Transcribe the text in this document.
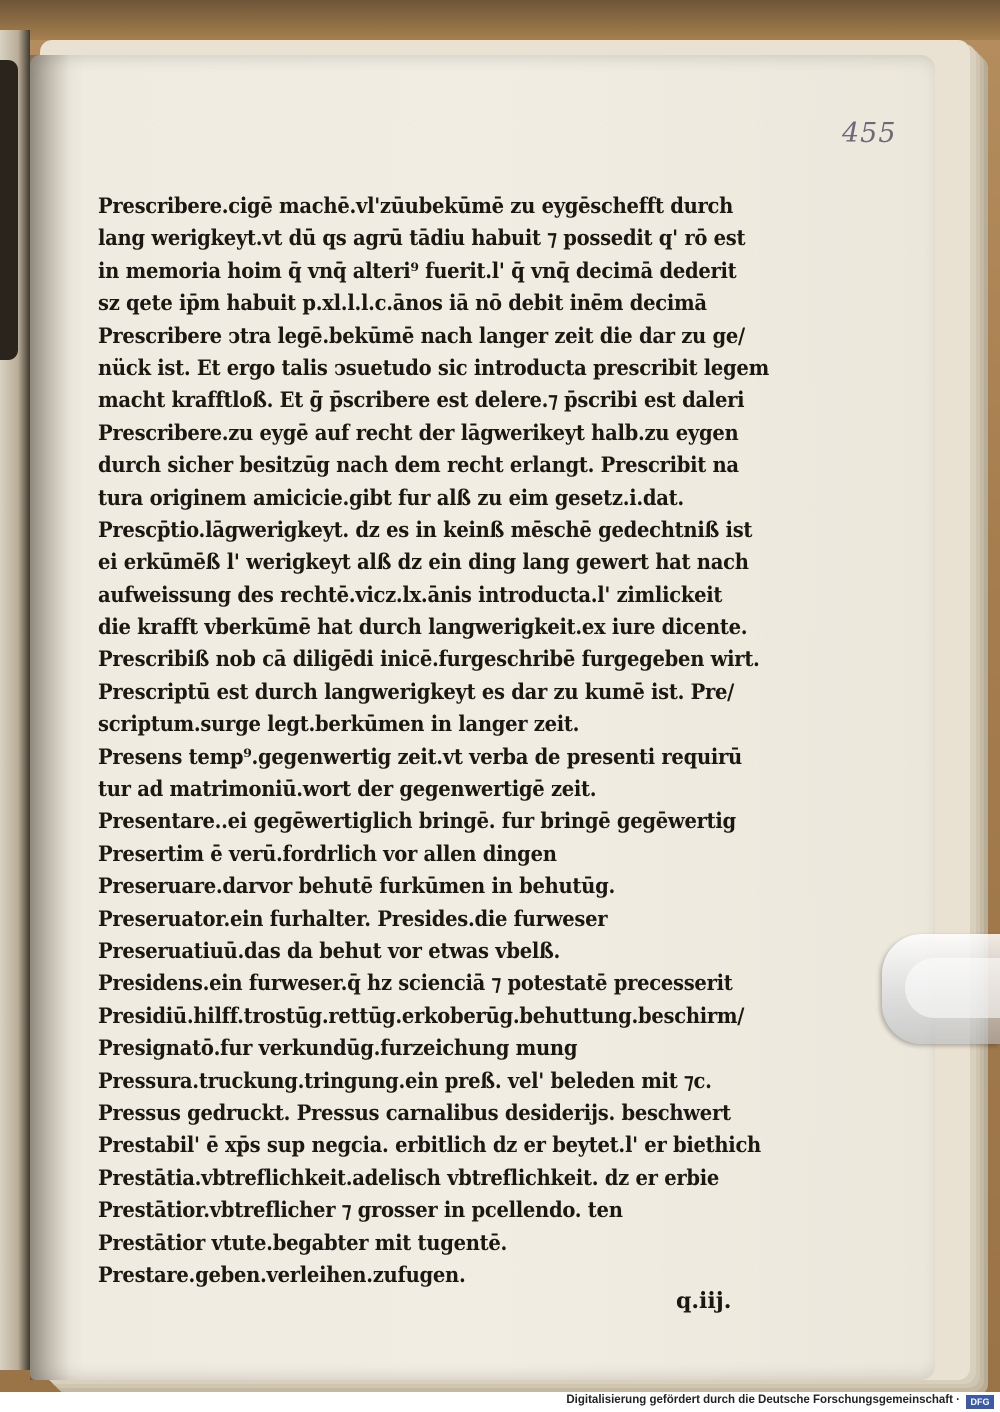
455
Prescribere.cigē machē.vl'zūubekūmē zu eygēschefft durch
lang werigkeyt.vt dū qs agrū tādiu habuit ⁊ possedit q' rō est
in memoria hoim q̄ vnq̄ alteri⁹ fuerit.l' q̄ vnq̄ decimā dederit
sz qete ip̄m habuit p.xl.l.l.c.ānos iā nō debit inēm decimā
Prescribere ↄtra legē.bekūmē nach langer zeit die dar zu ge/
nück ist. Et ergo talis ↄsuetudo sic introducta prescribit legem
macht krafftloß. Et ḡ p̄scribere est delere.⁊ p̄scribi est daleri
Prescribere.zu eygē auf recht der lāgwerikeyt halb.zu eygen
durch sicher besitzūg nach dem recht erlangt. Prescribit na
tura originem amicicie.gibt fur alß zu eim gesetz.i.dat.
Prescp̄tio.lāgwerigkeyt. dz es in keinß mēschē gedechtniß ist
ei erkūmēß l' werigkeyt alß dz ein ding lang gewert hat nach
aufweissung des rechtē.vicz.lx.ānis introducta.l' zimlickeit
die krafft vberkūmē hat durch langwerigkeit.ex iure dicente.
Prescribiß nob cā diligēdi inicē.furgeschribē furgegeben wirt.
Prescriptū est durch langwerigkeyt es dar zu kumē ist. Pre/
scriptum.surge legt.berkūmen in langer zeit.
Presens temp⁹.gegenwertig zeit.vt verba de presenti requirū
tur ad matrimoniū.wort der gegenwertigē zeit.
Presentare..ei gegēwertiglich bringē. fur bringē gegēwertig
Presertim ē verū.fordrlich vor allen dingen
Preseruare.darvor behutē furkūmen in behutūg.
Preseruator.ein furhalter. Presides.die furweser
Preseruatiuū.das da behut vor etwas vbelß.
Presidens.ein furweser.q̄ hz scienciā ⁊ potestatē precesserit
Presidiū.hilff.trostūg.rettūg.erkoberūg.behuttung.beschirm/
Presignatō.fur verkundūg.furzeichung mung
Pressura.truckung.tringung.ein preß. vel' beleden mit ⁊c.
Pressus gedruckt. Pressus carnalibus desiderijs. beschwert
Prestabil' ē xp̄s sup negcia. erbitlich dz er beytet.l' er biethich
Prestātia.vbtreflichkeit.adelisch vbtreflichkeit. dz er erbie
Prestātior.vbtreflicher ⁊ grosser in pcellendo. ten
Prestātior vtute.begabter mit tugentē.
Prestare.geben.verleihen.zufugen.
q.iij.
Digitalisierung gefördert durch die Deutsche Forschungsgemeinschaft ·	DFG
